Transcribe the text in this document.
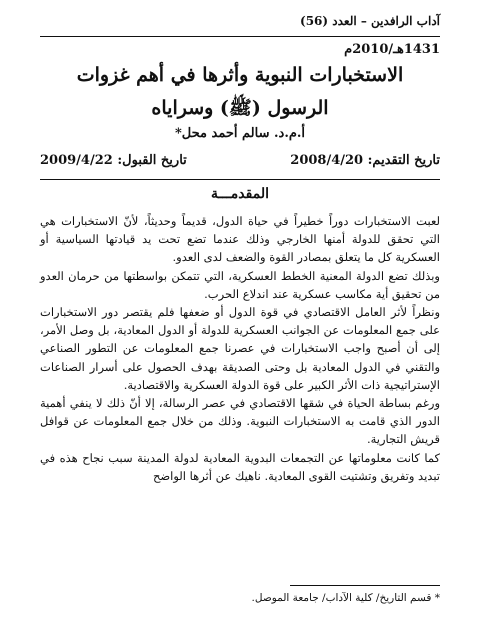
آداب الرافدين – العدد (56)
1431هـ/2010م
الاستخبارات النبوية وأثرها في أهم غزوات
الرسول (ﷺ) وسراياه
أ.م.د. سالم أحمد محل*
تاريخ التقديم: 2008/4/20
تاريخ القبول: 2009/4/22
المقدمـــة

لعبت الاستخبارات دوراً خطيراً في حياة الدول، قديماً وحديثاً، لأنّ الاستخبارات هي التي تحقق للدولة أمنها الخارجي وذلك عندما تضع تحت يد قيادتها السياسية أو العسكرية كل ما يتعلق بمصادر القوة والضعف لدى العدو.

وبذلك تضع الدولة المعنية الخطط العسكرية، التي تتمكن بواسطتها من حرمان العدو من تحقيق أية مكاسب عسكرية عند اندلاع الحرب.

ونظراً لأثر العامل الاقتصادي في قوة الدول أو ضعفها فلم يقتصر دور الاستخبارات على جمع المعلومات عن الجوانب العسكرية للدولة أو الدول المعادية، بل وصل الأمر، إلى أن أصبح واجب الاستخبارات في عصرنا جمع المعلومات عن التطور الصناعي والتقني في الدول المعادية بل وحتى الصديقة بهدف الحصول على أسرار الصناعات الإستراتيجية ذات الأثر الكبير على قوة الدولة العسكرية والاقتصادية.

ورغم بساطة الحياة في شقها الاقتصادي في عصر الرسالة، إلا أنّ ذلك لا ينفي أهمية الدور الذي قامت به الاستخبارات النبوية. وذلك من خلال جمع المعلومات عن قوافل قريش التجارية.

كما كانت معلوماتها عن التجمعات البدوية المعادية لدولة المدينة سبب نجاح هذه في تبديد وتفريق وتشتيت القوى المعادية. ناهيك عن أثرها الواضح

* قسم التاريخ/ كلية الآداب/ جامعة الموصل.
